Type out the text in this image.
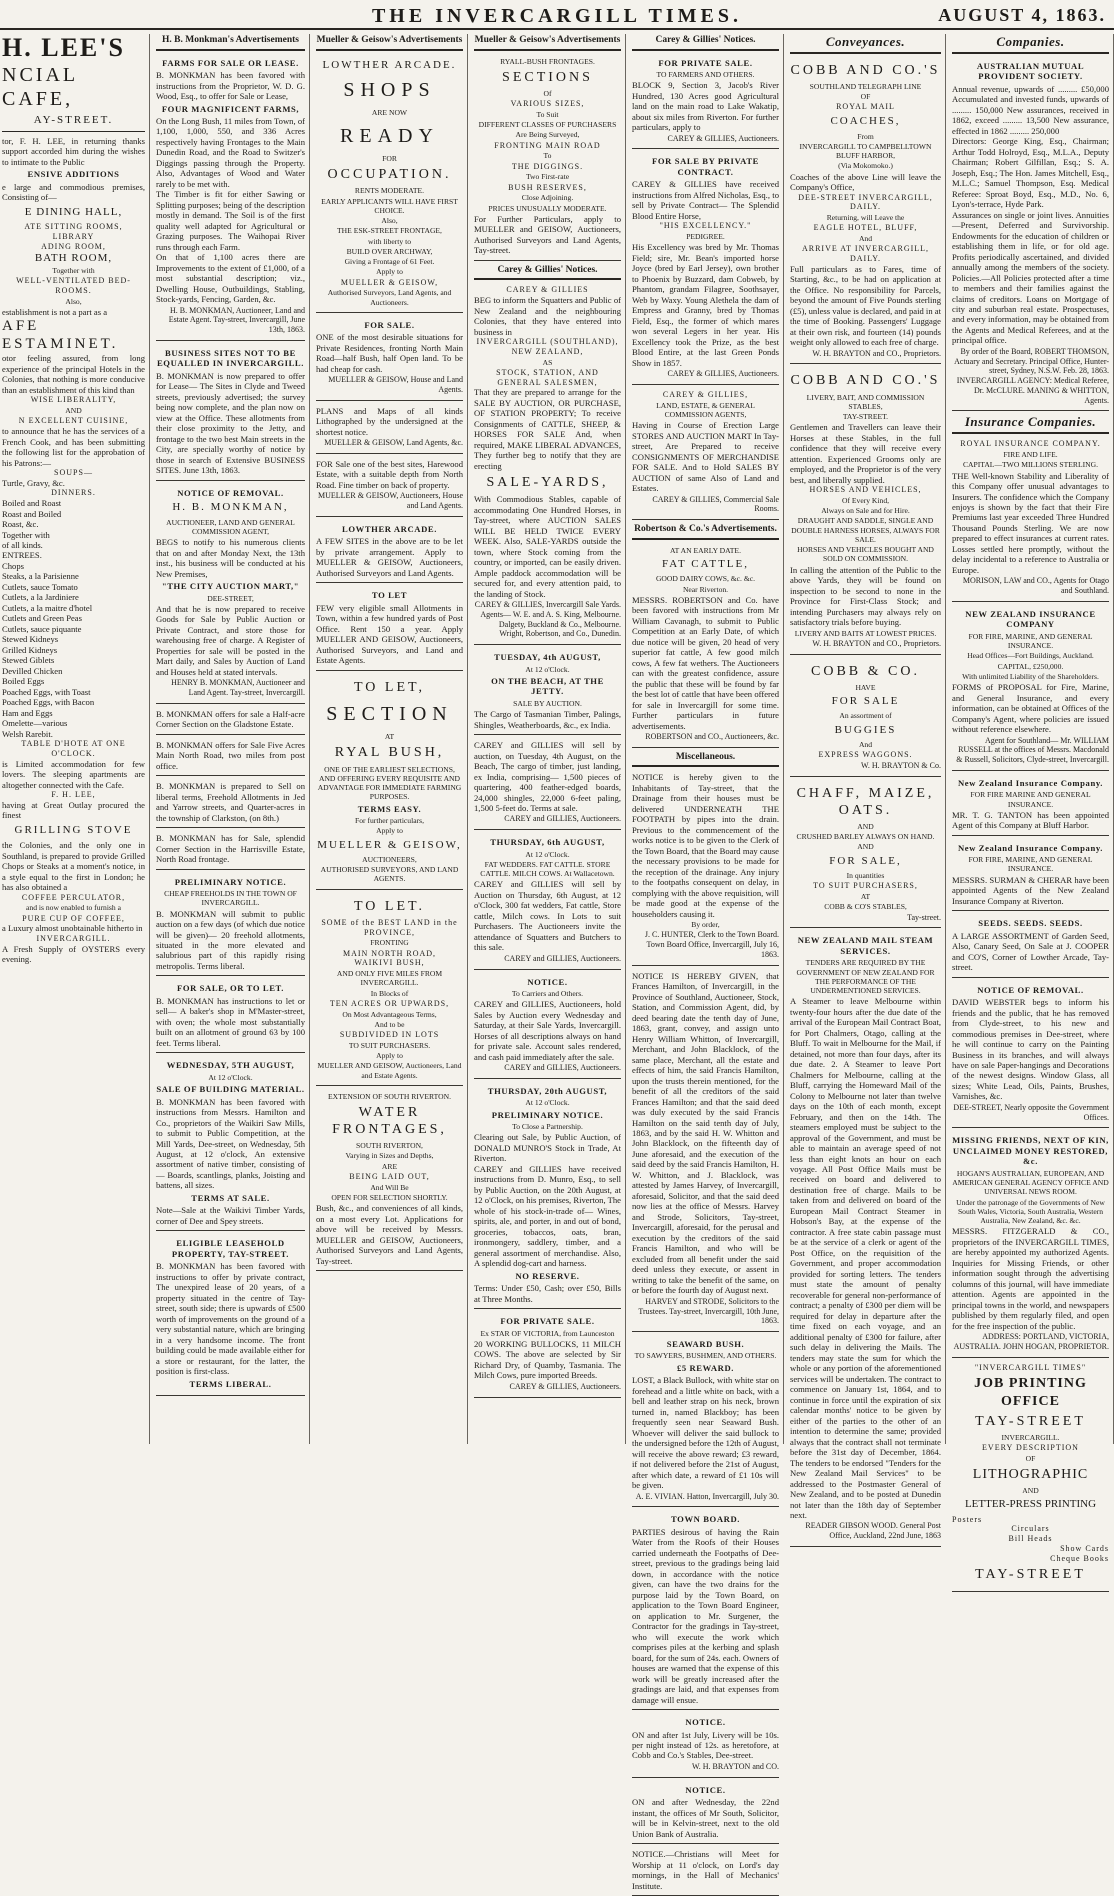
THE INVERCARGILL TIMES.	AUGUST 4, 1863.
H. LEE'S
NCIAL CAFE,
AY-STREET.
tor, F. H. LEE, in returning thanks support accorded him during the wishes to intimate to the Public
ENSIVE ADDITIONS
e large and commodious premises, Consisting of—
E DINING HALL,
ATE SITTING ROOMS,
LIBRARY
ADING ROOM,
BATH ROOM,
Together with
WELL-VENTILATED BED-ROOMS.
Also,
establishment is not a part as a
AFE ESTAMINET.
otor feeling assured, from long experience of the principal Hotels in the Colonies, that nothing is more conducive than an establishment of this kind than
WISE LIBERALITY,
AND
N EXCELLENT CUISINE,
to announce that he has the services of a French Cook, and has been submitting the following list for the approbation of his Patrons:—
SOUPS—
Turtle, Gravy, &c.
DINNERS.
Boiled and Roast
Roast and Boiled
Roast, &c.
Together with
of all kinds.
ENTREES.
Chops
Steaks, a la Parisienne
Cutlets, sauce Tomato
Cutlets, a la Jardiniere
Cutlets, a la maitre d'hotel
Cutlets and Green Peas
Cutlets, sauce piquante
Stewed Kidneys
Grilled Kidneys
Stewed Giblets
Devilled Chicken
Boiled Eggs
Poached Eggs, with Toast
Poached Eggs, with Bacon
Ham and Eggs
Omelette—various
Welsh Rarebit.
TABLE D'HOTE AT ONE O'CLOCK.
is Limited accommodation for few lovers. The sleeping apartments are altogether connected with the Cafe.
F. H. LEE,
having at Great Outlay procured the finest
GRILLING STOVE
the Colonies, and the only one in Southland, is prepared to provide Grilled Chops or Steaks at a moment's notice, in a style equal to the first in London; he has also obtained a
COFFEE PERCULATOR,
and is now enabled to furnish a
PURE CUP OF COFFEE,
a Luxury almost unobtainable hitherto in
INVERCARGILL.
A Fresh Supply of OYSTERS every evening.
H. B. Monkman's Advertisements
FARMS FOR SALE OR LEASE.
B. MONKMAN has been favored with instructions from the Proprietor, W. D. G. Wood, Esq., to offer for Sale or Lease,
FOUR MAGNIFICENT FARMS,
On the Long Bush, 11 miles from Town, of 1,100, 1,000, 550, and 336 Acres respectively having Frontages to the Main Dunedin Road, and the Road to Switzer's Diggings passing through the Property. Also, Advantages of Wood and Water rarely to be met with.
The Timber is fit for either Sawing or Splitting purposes; being of the description mostly in demand. The Soil is of the first quality well adapted for Agricultural or Grazing purposes. The Waihopai River runs through each Farm.
On that of 1,100 acres there are Improvements to the extent of £1,000, of a most substantial description; viz., Dwelling House, Outbuildings, Stabling, Stock-yards, Fencing, Garden, &c.
H. B. MONKMAN, Auctioneer, Land and Estate Agent. Tay-street, Invercargill, June 13th, 1863.
BUSINESS SITES NOT TO BE EQUALLED IN INVERCARGILL.
B. MONKMAN is now prepared to offer for Lease— The Sites in Clyde and Tweed streets, previously advertised; the survey being now complete, and the plan now on view at the Office. These allotments from their close proximity to the Jetty, and frontage to the two best Main streets in the City, are specially worthy of notice by those in search of Extensive BUSINESS SITES. June 13th, 1863.
NOTICE OF REMOVAL.
H. B. MONKMAN,
AUCTIONEER, LAND AND GENERAL COMMISSION AGENT,
BEGS to notify to his numerous clients that on and after Monday Next, the 13th inst., his business will be conducted at his New Premises,
"THE CITY AUCTION MART,"
DEE-STREET,
And that he is now prepared to receive Goods for Sale by Public Auction or Private Contract, and store those for warehousing free of charge. A Register of Properties for sale will be posted in the Mart daily, and Sales by Auction of Land and Houses held at stated intervals.
HENRY B. MONKMAN, Auctioneer and Land Agent. Tay-street, Invercargill.
B. MONKMAN offers for sale a Half-acre Corner Section on the Gladstone Estate.
B. MONKMAN offers for Sale Five Acres Main North Road, two miles from post office.
B. MONKMAN is prepared to Sell on liberal terms, Freehold Allotments in Jed and Yarrow streets, and Quarter-acres in the township of Clarkston, (on 8th.)
B. MONKMAN has for Sale, splendid Corner Section in the Harrisville Estate, North Road frontage.
PRELIMINARY NOTICE.
CHEAP FREEHOLDS IN THE TOWN OF INVERCARGILL.
B. MONKMAN will submit to public auction on a few days (of which due notice will be given)— 20 freehold allotments, situated in the more elevated and salubrious part of this rapidly rising metropolis. Terms liberal.
FOR SALE, OR TO LET.
B. MONKMAN has instructions to let or sell— A baker's shop in M'Master-street, with oven; the whole most substantially built on an allotment of ground 63 by 100 feet. Terms liberal.
WEDNESDAY, 5TH AUGUST,
At 12 o'Clock.
SALE OF BUILDING MATERIAL.
B. MONKMAN has been favored with instructions from Messrs. Hamilton and Co., proprietors of the Waikiri Saw Mills, to submit to Public Competition, at the Mill Yards, Dee-street, on Wednesday, 5th August, at 12 o'clock, An extensive assortment of native timber, consisting of— Boards, scantlings, planks, Joisting and battens, all sizes.
TERMS AT SALE.
Note—Sale at the Waikivi Timber Yards, corner of Dee and Spey streets.
ELIGIBLE LEASEHOLD PROPERTY, TAY-STREET.
B. MONKMAN has been favored with instructions to offer by private contract, The unexpired lease of 20 years, of a property situated in the centre of Tay-street, south side; there is upwards of £500 worth of improvements on the ground of a very substantial nature, which are bringing in a very handsome income. The front building could be made available either for a store or restaurant, for the latter, the position is first-class.
TERMS LIBERAL.
Mueller & Geisow's Advertisements
LOWTHER ARCADE.
SHOPS
ARE NOW
READY
FOR
OCCUPATION.
RENTS MODERATE.
EARLY APPLICANTS WILL HAVE FIRST CHOICE.
Also,
THE ESK-STREET FRONTAGE,
with liberty to
BUILD OVER ARCHWAY,
Giving a Frontage of 61 Feet.
Apply to
MUELLER & GEISOW,
Authorised Surveyors, Land Agents, and Auctioneers.
FOR SALE.
ONE of the most desirable situations for Private Residences, fronting North Main Road—half Bush, half Open land. To be had cheap for cash.
MUELLER & GEISOW, House and Land Agents.
PLANS and Maps of all kinds Lithographed by the undersigned at the shortest notice.
MUELLER & GEISOW, Land Agents, &c.
FOR Sale one of the best sites, Harewood Estate, with a suitable depth from North Road. Fine timber on back of property.
MUELLER & GEISOW, Auctioneers, House and Land Agents.
LOWTHER ARCADE.
A FEW SITES in the above are to be let by private arrangement. Apply to MUELLER & GEISOW, Auctioneers, Authorised Surveyors and Land Agents.
TO LET
FEW very eligible small Allotments in Town, within a few hundred yards of Post Office. Rent 150 a year. Apply MUELLER AND GEISOW, Auctioneers, Authorised Surveyors, and Land and Estate Agents.
TO LET,
SECTION
AT
RYAL BUSH,
ONE OF THE EARLIEST SELECTIONS, AND OFFERING EVERY REQUISITE AND ADVANTAGE FOR IMMEDIATE FARMING PURPOSES.
TERMS EASY.
For further particulars,
Apply to
MUELLER & GEISOW,
AUCTIONEERS,
AUTHORISED SURVEYORS, AND LAND AGENTS.
TO LET.
SOME of the BEST LAND in the PROVINCE,
FRONTING
MAIN NORTH ROAD,
WAIKIVI BUSH,
AND ONLY FIVE MILES FROM INVERCARGILL.
In Blocks of
TEN ACRES OR UPWARDS,
On Most Advantageous Terms,
And to be
SUBDIVIDED IN LOTS
TO SUIT PURCHASERS.
Apply to
MUELLER AND GEISOW, Auctioneers, Land and Estate Agents.
EXTENSION OF SOUTH RIVERTON.
WATER FRONTAGES,
SOUTH RIVERTON,
Varying in Sizes and Depths,
ARE
BEING LAID OUT,
And Will Be
OPEN FOR SELECTION SHORTLY.
Bush, &c., and conveniences of all kinds, on a most every Lot. Applications for above will be received by Messrs. MUELLER and GEISOW, Auctioneers, Authorised Surveyors and Land Agents, Tay-street.
Mueller & Geisow's Advertisements
RYALL-BUSH FRONTAGES.
SECTIONS
Of
VARIOUS SIZES,
To Suit
DIFFERENT CLASSES OF PURCHASERS
Are Being Surveyed,
FRONTING MAIN ROAD
To
THE DIGGINGS.
Two First-rate
BUSH RESERVES,
Close Adjoining.
PRICES UNUSUALLY MODERATE.
For Further Particulars, apply to MUELLER and GEISOW, Auctioneers, Authorised Surveyors and Land Agents, Tay-street.
Carey & Gillies' Notices.
CAREY & GILLIES
BEG to inform the Squatters and Public of New Zealand and the neighbouring Colonies, that they have entered into business in
INVERCARGILL (SOUTHLAND), NEW ZEALAND,
AS
STOCK, STATION, AND GENERAL SALESMEN,
That they are prepared to arrange for the SALE BY AUCTION, OR PURCHASE, OF STATION PROPERTY; To receive Consignments of CATTLE, SHEEP, & HORSES FOR SALE And, when required, MAKE LIBERAL ADVANCES, They further beg to notify that they are erecting
SALE-YARDS,
With Commodious Stables, capable of accommodating One Hundred Horses, in Tay-street, where AUCTION SALES WILL BE HELD TWICE EVERY WEEK. Also, SALE-YARDS outside the town, where Stock coming from the country, or imported, can be easily driven. Ample paddock accommodation will be secured for, and every attention paid, to the landing of Stock.
CAREY & GILLIES, Invercargill Sale Yards. Agents— W. E. and A. S. King, Melbourne. Dalgety, Buckland & Co., Melbourne. Wright, Robertson, and Co., Dunedin.
TUESDAY, 4th AUGUST,
At 12 o'Clock.
ON THE BEACH, AT THE JETTY.
SALE BY AUCTION.
The Cargo of Tasmanian Timber, Palings, Shingles, Weatherboards, &c., ex India.
CAREY and GILLIES will sell by auction, on Tuesday, 4th August, on the Beach, The cargo of timber, just landing, ex India, comprising— 1,500 pieces of quartering, 400 feather-edged boards, 24,000 shingles, 22,000 6-feet paling, 1,500 5-feet do. Terms at sale.
CAREY and GILLIES, Auctioneers.
THURSDAY, 6th AUGUST,
At 12 o'Clock.
FAT WEDDERS. FAT CATTLE. STORE CATTLE. MILCH COWS. At Wallacetown.
CAREY and GILLIES will sell by Auction on Thursday, 6th August, at 12 o'Clock, 300 fat wedders, Fat cattle, Store cattle, Milch cows. In Lots to suit Purchasers. The Auctioneers invite the attendance of Squatters and Butchers to this sale.
CAREY and GILLIES, Auctioneers.
NOTICE.
To Carriers and Others.
CAREY and GILLIES, Auctioneers, hold Sales by Auction every Wednesday and Saturday, at their Sale Yards, Invercargill. Horses of all descriptions always on hand for private sale. Account sales rendered, and cash paid immediately after the sale.
CAREY and GILLIES, Auctioneers.
THURSDAY, 20th AUGUST,
At 12 o'Clock.
PRELIMINARY NOTICE.
To Close a Partnership.
Clearing out Sale, by Public Auction, of DONALD MUNRO'S Stock in Trade, At Riverton.
CAREY and GILLIES have received instructions from D. Munro, Esq., to sell by Public Auction, on the 20th August, at 12 o'Clock, on his premises, Riverton, The whole of his stock-in-trade of— Wines, spirits, ale, and porter, in and out of bond, groceries, tobaccos, oats, bran, ironmongery, saddlery, timber, and a general assortment of merchandise. Also, A splendid dog-cart and harness.
NO RESERVE.
Terms: Under £50, Cash; over £50, Bills at Three Months.
FOR PRIVATE SALE.
Ex STAR OF VICTORIA, from Launceston
20 WORKING BULLOCKS, 11 MILCH COWS. The above are selected by Sir Richard Dry, of Quamby, Tasmania. The Milch Cows, pure imported Breeds.
CAREY & GILLIES, Auctioneers.
Carey & Gillies' Notices.
FOR PRIVATE SALE.
TO FARMERS AND OTHERS.
BLOCK 9, Section 3, Jacob's River Hundred, 130 Acres good Agricultural land on the main road to Lake Wakatip, about six miles from Riverton. For further particulars, apply to
CAREY & GILLIES, Auctioneers.
FOR SALE BY PRIVATE CONTRACT.
CAREY & GILLIES have received instructions from Alfred Nicholas, Esq., to sell by Private Contract— The Splendid Blood Entire Horse,
"HIS EXCELLENCY."
PEDIGREE.
His Excellency was bred by Mr. Thomas Field; sire, Mr. Bean's imported horse Joyce (bred by Earl Jersey), own brother to Phoenix by Buzzard, dam Cobweb, by Phantom, grandam Filagree, Soothsayer, Web by Waxy. Young Alethela the dam of Empress and Granny, bred by Thomas Field, Esq., the former of which mares won several Legers in her year. His Excellency took the Prize, as the best Blood Entire, at the last Green Ponds Show in 1857.
CAREY & GILLIES, Auctioneers.
CAREY & GILLIES,
LAND, ESTATE, & GENERAL COMMISSION AGENTS,
Having in Course of Erection Large STORES AND AUCTION MART In Tay-street, Are Prepared to receive CONSIGNMENTS OF MERCHANDISE FOR SALE. And to Hold SALES BY AUCTION of same Also of Land and Estates.
CAREY & GILLIES, Commercial Sale Rooms.
Robertson & Co.'s Advertisements.
AT AN EARLY DATE.
FAT CATTLE,
GOOD DAIRY COWS, &c. &c.
Near Riverton.
MESSRS. ROBERTSON and Co. have been favored with instructions from Mr William Cavanagh, to submit to Public Competition at an Early Date, of which due notice will be given, 20 head of very superior fat cattle, A few good milch cows, A few fat wethers. The Auctioneers can with the greatest confidence, assure the public that these will be found by far the best lot of cattle that have been offered for sale in Invercargill for some time. Further particulars in future advertisements.
ROBERTSON and CO., Auctioneers, &c.
Miscellaneous.
NOTICE is hereby given to the Inhabitants of Tay-street, that the Drainage from their houses must be delivered UNDERNEATH THE FOOTPATH by pipes into the drain. Previous to the commencement of the works notice is to be given to the Clerk of the Town Board, that the Board may cause the necessary provisions to be made for the reception of the drainage. Any injury to the footpaths consequent on delay, in complying with the above requisition, will be made good at the expense of the householders causing it.
By order,
J. C. HUNTER, Clerk to the Town Board. Town Board Office, Invercargill, July 16, 1863.
NOTICE IS HEREBY GIVEN, that Frances Hamilton, of Invercargill, in the Province of Southland, Auctioneer, Stock, Station, and Commission Agent, did, by deed bearing date the tenth day of June, 1863, grant, convey, and assign unto Henry William Whitton, of Invercargill, Merchant, and John Blacklock, of the same place, Merchant, all the estate and effects of him, the said Francis Hamilton, upon the trusts therein mentioned, for the benefit of all the creditors of the said Frances Hamilton; and that the said deed was duly executed by the said Francis Hamilton on the said tenth day of July, 1863, and by the said H. W. Whitton and John Blacklock, on the fifteenth day of June aforesaid, and the execution of the said deed by the said Francis Hamilton, H. W. Whitton, and J. Blacklock, was attested by James Harvey, of Invercargill, aforesaid, Solicitor, and that the said deed now lies at the office of Messrs. Harvey and Strode, Solicitors, Tay-street, Invercargill, aforesaid, for the perusal and execution by the creditors of the said Francis Hamilton, and who will be excluded from all benefit under the said deed unless they execute, or assent in writing to take the benefit of the same, on or before the fourth day of August next.
HARVEY and STRODE, Solicitors to the Trustees. Tay-street, Invercargill, 10th June, 1863.
SEAWARD BUSH.
TO SAWYERS, BUSHMEN, AND OTHERS.
£5 REWARD.
LOST, a Black Bullock, with white star on forehead and a little white on back, with a bell and leather strap on his neck, brown turned in, named Blackboy; has been frequently seen near Seaward Bush. Whoever will deliver the said bullock to the undersigned before the 12th of August, will receive the above reward; £3 reward, if not delivered before the 21st of August, after which date, a reward of £1 10s will be given.
A. E. VIVIAN. Hatton, Invercargill, July 30.
TOWN BOARD.
PARTIES desirous of having the Rain Water from the Roofs of their Houses carried underneath the Footpaths of Dee-street, previous to the gradings being laid down, in accordance with the notice given, can have the two drains for the purpose laid by the Town Board, on application to the Town Board Engineer, on application to Mr. Surgener, the Contractor for the gradings in Tay-street, who will execute the work which comprises piles at the kerbing and splash board, for the sum of 24s. each. Owners of houses are warned that the expense of this work will be greatly increased after the gradings are laid, and that expenses from damage will ensue.
NOTICE.
ON and after 1st July, Livery will be 10s. per night instead of 12s. as heretofore, at Cobb and Co.'s Stables, Dee-street.
W. H. BRAYTON and CO.
NOTICE.
ON and after Wednesday, the 22nd instant, the offices of Mr South, Solicitor, will be in Kelvin-street, next to the old Union Bank of Australia.
NOTICE.—Christians will Meet for Worship at 11 o'clock, on Lord's day mornings, in the Hall of Mechanics' Institute.
Conveyances.
COBB AND CO.'S
SOUTHLAND TELEGRAPH LINE
OF
ROYAL MAIL
COACHES,
From
INVERCARGILL TO CAMPBELLTOWN BLUFF HARBOR,
(Via Mokomoko.)
Coaches of the above Line will leave the Company's Office,
DEE-STREET INVERCARGILL,
DAILY.
Returning, will Leave the
EAGLE HOTEL, BLUFF,
And
ARRIVE AT INVERCARGILL,
DAILY.
Full particulars as to Fares, time of Starting, &c., to be had on application at the Office. No responsibility for Parcels, beyond the amount of Five Pounds sterling (£5), unless value is declared, and paid in at the time of Booking. Passengers' Luggage at their own risk, and fourteen (14) pounds weight only allowed to each free of charge.
W. H. BRAYTON and CO., Proprietors.
COBB AND CO.'S
LIVERY, BAIT, AND COMMISSION STABLES,
TAY-STREET.
Gentlemen and Travellers can leave their Horses at these Stables, in the full confidence that they will receive every attention. Experienced Grooms only are employed, and the Proprietor is of the very best, and liberally supplied.
HORSES AND VEHICLES,
Of Every Kind,
Always on Sale and for Hire.
DRAUGHT AND SADDLE, SINGLE AND DOUBLE HARNESS HORSES, ALWAYS FOR SALE.
HORSES AND VEHICLES BOUGHT AND SOLD ON COMMISSION.
In calling the attention of the Public to the above Yards, they will be found on inspection to be second to none in the Province for First-Class Stock; and intending Purchasers may always rely on satisfactory trials before buying.
LIVERY AND BAITS AT LOWEST PRICES.
W. H. BRAYTON and CO., Proprietors.
COBB & CO.
HAVE
FOR SALE
An assortment of
BUGGIES
And
EXPRESS WAGGONS.
W. H. BRAYTON & Co.
CHAFF, MAIZE, OATS.
AND
CRUSHED BARLEY ALWAYS ON HAND.
AND
FOR SALE,
In quantities
TO SUIT PURCHASERS,
AT
COBB & CO'S STABLES,
Tay-street.
NEW ZEALAND MAIL STEAM SERVICES.
TENDERS ARE REQUIRED BY THE GOVERNMENT OF NEW ZEALAND FOR THE PERFORMANCE OF THE UNDERMENTIONED SERVICES.
A Steamer to leave Melbourne within twenty-four hours after the due date of the arrival of the European Mail Contract Boat, for Port Chalmers, Otago, calling at the Bluff. To wait in Melbourne for the Mail, if detained, not more than four days, after its due date. 2. A Steamer to leave Port Chalmers for Melbourne, calling at the Bluff, carrying the Homeward Mail of the Colony to Melbourne not later than twelve days on the 10th of each month, except February, and then on the 14th. The steamers employed must be subject to the approval of the Government, and must be able to maintain an average speed of not less than eight knots an hour on each voyage. All Post Office Mails must be received on board and delivered to destination free of charge. Mails to be taken from and delivered on board of the European Mail Contract Steamer in Hobson's Bay, at the expense of the contractor. A free state cabin passage must be at the service of a clerk or agent of the Post Office, on the requisition of the Government, and proper accommodation provided for sorting letters. The tenders must state the amount of penalty recoverable for general non-performance of contract; a penalty of £300 per diem will be required for delay in departure after the time fixed on each voyage, and an additional penalty of £300 for failure, after such delay in delivering the Mails. The tenders may state the sum for which the whole or any portion of the aforementioned services will be undertaken. The contract to commence on January 1st, 1864, and to continue in force until the expiration of six calendar months' notice to be given by either of the parties to the other of an intention to determine the same; provided always that the contract shall not terminate before the 31st day of December, 1864. The tenders to be endorsed "Tenders for the New Zealand Mail Services" to be addressed to the Postmaster General of New Zealand, and to be posted at Dunedin not later than the 18th day of September next.
READER GIBSON WOOD. General Post Office, Auckland, 22nd June, 1863
Companies.
AUSTRALIAN MUTUAL PROVIDENT SOCIETY.
Annual revenue, upwards of ......... £50,000 Accumulated and invested funds, upwards of ......... 150,000 New assurances, received in 1862, exceed ......... 13,500 New assurance, effected in 1862 ......... 250,000
Directors: George King, Esq., Chairman; Arthur Todd Holroyd, Esq., M.L.A., Deputy Chairman; Robert Gilfillan, Esq.; S. A. Joseph, Esq.; The Hon. James Mitchell, Esq., M.L.C.; Samuel Thompson, Esq. Medical Referee: Sproat Boyd, Esq., M.D., No. 6, Lyon's-terrace, Hyde Park.
Assurances on single or joint lives. Annuities—Present, Deferred and Survivorship. Endowments for the education of children or establishing them in life, or for old age. Profits periodically ascertained, and divided annually among the members of the society. Policies.—All Policies protected after a time to members and their families against the claims of creditors. Loans on Mortgage of city and suburban real estate. Prospectuses, and every information, may be obtained from the Agents and Medical Referees, and at the principal office.
By order of the Board, ROBERT THOMSON, Actuary and Secretary. Principal Office, Hunter-street, Sydney, N.S.W. Feb. 28, 1863. INVERCARGILL AGENCY: Medical Referee, Dr. McCLURE. MANING & WHITTON, Agents.
Insurance Companies.
ROYAL INSURANCE COMPANY.
FIRE AND LIFE.
CAPITAL—TWO MILLIONS STERLING.
THE Well-known Stability and Liberality of this Company offer unusual advantages to Insurers. The confidence which the Company enjoys is shown by the fact that their Fire Premiums last year exceeded Three Hundred Thousand Pounds Sterling. We are now prepared to effect insurances at current rates. Losses settled here promptly, without the delay incidental to a reference to Australia or Europe.
MORISON, LAW and CO., Agents for Otago and Southland.
NEW ZEALAND INSURANCE COMPANY
FOR FIRE, MARINE, AND GENERAL INSURANCE.
Head Offices—Fort Buildings, Auckland.
CAPITAL, £250,000.
With unlimited Liability of the Shareholders.
FORMS of PROPOSAL for Fire, Marine, and General Insurance, and every information, can be obtained at Offices of the Company's Agent, where policies are issued without reference elsewhere.
Agent for Southland— Mr. WILLIAM RUSSELL at the offices of Messrs. Macdonald & Russell, Solicitors, Clyde-street, Invercargill.
New Zealand Insurance Company.
FOR FIRE MARINE AND GENERAL INSURANCE.
MR. T. G. TANTON has been appointed Agent of this Company at Bluff Harbor.
New Zealand Insurance Company.
FOR FIRE, MARINE, AND GENERAL INSURANCE.
MESSRS. SURMAN & CHERAR have been appointed Agents of the New Zealand Insurance Company at Riverton.
SEEDS. SEEDS. SEEDS.
A LARGE ASSORTMENT of Garden Seed, Also, Canary Seed, On Sale at J. COOPER and CO'S, Corner of Lowther Arcade, Tay-street.
NOTICE OF REMOVAL.
DAVID WEBSTER begs to inform his friends and the public, that he has removed from Clyde-street, to his new and commodious premises in Dee-street, where he will continue to carry on the Painting Business in its branches, and will always have on sale Paper-hangings and Decorations of the newest designs. Window Glass, all sizes; White Lead, Oils, Paints, Brushes, Varnishes, &c.
DEE-STREET, Nearly opposite the Government Offices.
MISSING FRIENDS, NEXT OF KIN, UNCLAIMED MONEY RESTORED, &c.
HOGAN'S AUSTRALIAN, EUROPEAN, AND AMERICAN GENERAL AGENCY OFFICE AND UNIVERSAL NEWS ROOM.
Under the patronage of the Governments of New South Wales, Victoria, South Australia, Western Australia, New Zealand, &c. &c.
MESSRS. FITZGERALD & CO., proprietors of the INVERCARGILL TIMES, are hereby appointed my authorized Agents. Inquiries for Missing Friends, or other information sought through the advertising columns of this journal, will have immediate attention. Agents are appointed in the principal towns in the world, and newspapers published by them regularly filed, and open for the free inspection of the public.
ADDRESS: PORTLAND, VICTORIA, AUSTRALIA. JOHN HOGAN, PROPRIETOR.
"INVERCARGILL TIMES"
JOB PRINTING OFFICE
TAY-STREET
INVERCARGILL.
EVERY DESCRIPTION
OF
LITHOGRAPHIC
AND
LETTER-PRESS PRINTING
Posters
Circulars
Bill Heads
Show Cards
Cheque Books
TAY-STREET
